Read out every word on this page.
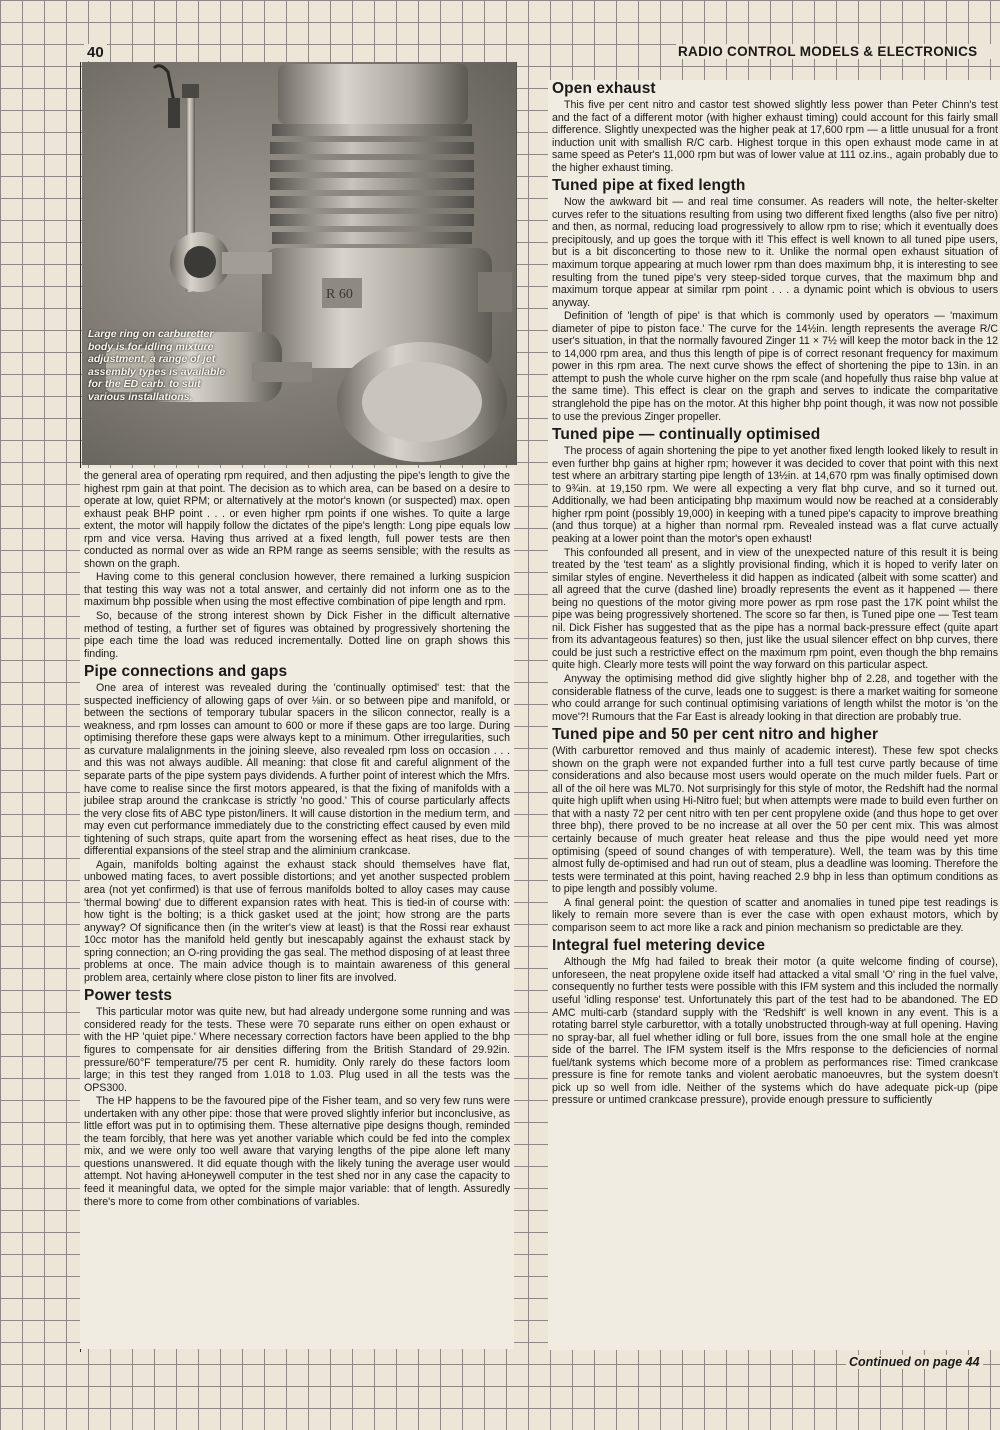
40	RADIO CONTROL MODELS & ELECTRONICS
R 60
Large ring on carburetter body is for idling mixture adjustment, a range of jet assembly types is available for the ED carb. to suit various installations.

the general area of operating rpm required, and then adjusting the pipe's length to give the highest rpm gain at that point. The decision as to which area, can be based on a desire to operate at low, quiet RPM; or alternatively at the motor's known (or suspected) max. open exhaust peak BHP point . . . or even higher rpm points if one wishes. To quite a large extent, the motor will happily follow the dictates of the pipe's length: Long pipe equals low rpm and vice versa. Having thus arrived at a fixed length, full power tests are then conducted as normal over as wide an RPM range as seems sensible; with the results as shown on the graph.

Having come to this general conclusion however, there remained a lurking suspicion that testing this way was not a total answer, and certainly did not inform one as to the maximum bhp possible when using the most effective combination of pipe length and rpm.

So, because of the strong interest shown by Dick Fisher in the difficult alternative method of testing, a further set of figures was obtained by progressively shortening the pipe each time the load was reduced incrementally. Dotted line on graph shows this finding.

Pipe connections and gaps

One area of interest was revealed during the 'continually optimised' test: that the suspected inefficiency of allowing gaps of over ⅛in. or so between pipe and manifold, or between the sections of temporary tubular spacers in the silicon connector, really is a weakness, and rpm losses can amount to 600 or more if these gaps are too large. During optimising therefore these gaps were always kept to a minimum. Other irregularities, such as curvature malalignments in the joining sleeve, also revealed rpm loss on occasion . . . and this was not always audible. All meaning: that close fit and careful alignment of the separate parts of the pipe system pays dividends. A further point of interest which the Mfrs. have come to realise since the first motors appeared, is that the fixing of manifolds with a jubilee strap around the crankcase is strictly 'no good.' This of course particularly affects the very close fits of ABC type piston/liners. It will cause distortion in the medium term, and may even cut performance immediately due to the constricting effect caused by even mild tightening of such straps, quite apart from the worsening effect as heat rises, due to the differential expansions of the steel strap and the aliminium crankcase.

Again, manifolds bolting against the exhaust stack should themselves have flat, unbowed mating faces, to avert possible distortions; and yet another suspected problem area (not yet confirmed) is that use of ferrous manifolds bolted to alloy cases may cause 'thermal bowing' due to different expansion rates with heat. This is tied-in of course with: how tight is the bolting; is a thick gasket used at the joint; how strong are the parts anyway? Of significance then (in the writer's view at least) is that the Rossi rear exhaust 10cc motor has the manifold held gently but inescapably against the exhaust stack by spring connection; an O-ring providing the gas seal. The method disposing of at least three problems at once. The main advice though is to maintain awareness of this general problem area, certainly where close piston to liner fits are involved.

Power tests

This particular motor was quite new, but had already undergone some running and was considered ready for the tests. These were 70 separate runs either on open exhaust or with the HP 'quiet pipe.' Where necessary correction factors have been applied to the bhp figures to compensate for air densities differing from the British Standard of 29.92in. pressure/60°F temperature/75 per cent R. humidity. Only rarely do these factors loom large; in this test they ranged from 1.018 to 1.03. Plug used in all the tests was the OPS300.

The HP happens to be the favoured pipe of the Fisher team, and so very few runs were undertaken with any other pipe: those that were proved slightly inferior but inconclusive, as little effort was put in to optimising them. These alternative pipe designs though, reminded the team forcibly, that here was yet another variable which could be fed into the complex mix, and we were only too well aware that varying lengths of the pipe alone left many questions unanswered. It did equate though with the likely tuning the average user would attempt. Not having aHoneywell computer in the test shed nor in any case the capacity to feed it meaningful data, we opted for the simple major variable: that of length. Assuredly there's more to come from other combinations of variables.

Open exhaust

This five per cent nitro and castor test showed slightly less power than Peter Chinn's test and the fact of a different motor (with higher exhaust timing) could account for this fairly small difference. Slightly unexpected was the higher peak at 17,600 rpm — a little unusual for a front induction unit with smallish R/C carb. Highest torque in this open exhaust mode came in at same speed as Peter's 11,000 rpm but was of lower value at 111 oz.ins., again probably due to the higher exhaust timing.

Tuned pipe at fixed length

Now the awkward bit — and real time consumer. As readers will note, the helter-skelter curves refer to the situations resulting from using two different fixed lengths (also five per nitro) and then, as normal, reducing load progressively to allow rpm to rise; which it eventually does precipitously, and up goes the torque with it! This effect is well known to all tuned pipe users, but is a bit disconcerting to those new to it. Unlike the normal open exhaust situation of maximum torque appearing at much lower rpm than does maximum bhp, it is interesting to see resulting from the tuned pipe's very steep-sided torque curves, that the maximum bhp and maximum torque appear at similar rpm point . . . a dynamic point which is obvious to users anyway.

Definition of 'length of pipe' is that which is commonly used by operators — 'maximum diameter of pipe to piston face.' The curve for the 14½in. length represents the average R/C user's situation, in that the normally favoured Zinger 11 × 7½ will keep the motor back in the 12 to 14,000 rpm area, and thus this length of pipe is of correct resonant frequency for maximum power in this rpm area. The next curve shows the effect of shortening the pipe to 13in. in an attempt to push the whole curve higher on the rpm scale (and hopefully thus raise bhp value at the same time). This effect is clear on the graph and serves to indicate the comparitative stranglehold the pipe has on the motor. At this higher bhp point though, it was now not possible to use the previous Zinger propeller.

Tuned pipe — continually optimised

The process of again shortening the pipe to yet another fixed length looked likely to result in even further bhp gains at higher rpm; however it was decided to cover that point with this next test where an arbitrary starting pipe length of 13½in. at 14,670 rpm was finally optimised down to 9¾in. at 19,150 rpm. We were all expecting a very flat bhp curve, and so it turned out. Additionally, we had been anticipating bhp maximum would now be reached at a considerably higher rpm point (possibly 19,000) in keeping with a tuned pipe's capacity to improve breathing (and thus torque) at a higher than normal rpm. Revealed instead was a flat curve actually peaking at a lower point than the motor's open exhaust!

This confounded all present, and in view of the unexpected nature of this result it is being treated by the 'test team' as a slightly provisional finding, which it is hoped to verify later on similar styles of engine. Nevertheless it did happen as indicated (albeit with some scatter) and all agreed that the curve (dashed line) broadly represents the event as it happened — there being no questions of the motor giving more power as rpm rose past the 17K point whilst the pipe was being progressively shortened. The score so far then, is Tuned pipe one — Test team nil. Dick Fisher has suggested that as the pipe has a normal back-pressure effect (quite apart from its advantageous features) so then, just like the usual silencer effect on bhp curves, there could be just such a restrictive effect on the maximum rpm point, even though the bhp remains quite high. Clearly more tests will point the way forward on this particular aspect.

Anyway the optimising method did give slightly higher bhp of 2.28, and together with the considerable flatness of the curve, leads one to suggest: is there a market waiting for someone who could arrange for such continual optimising variations of length whilst the motor is 'on the move'?! Rumours that the Far East is already looking in that direction are probably true.

Tuned pipe and 50 per cent nitro and higher

(With carburettor removed and thus mainly of academic interest). These few spot checks shown on the graph were not expanded further into a full test curve partly because of time considerations and also because most users would operate on the much milder fuels. Part or all of the oil here was ML70. Not surprisingly for this style of motor, the Redshift had the normal quite high uplift when using Hi-Nitro fuel; but when attempts were made to build even further on that with a nasty 72 per cent nitro with ten per cent propylene oxide (and thus hope to get over three bhp), there proved to be no increase at all over the 50 per cent mix. This was almost certainly because of much greater heat release and thus the pipe would need yet more optimising (speed of sound changes of with temperature). Well, the team was by this time almost fully de-optimised and had run out of steam, plus a deadline was looming. Therefore the tests were terminated at this point, having reached 2.9 bhp in less than optimum conditions as to pipe length and possibly volume.

A final general point: the question of scatter and anomalies in tuned pipe test readings is likely to remain more severe than is ever the case with open exhaust motors, which by comparison seem to act more like a rack and pinion mechanism so predictable are they.

Integral fuel metering device

Although the Mfg had failed to break their motor (a quite welcome finding of course), unforeseen, the neat propylene oxide itself had attacked a vital small 'O' ring in the fuel valve, consequently no further tests were possible with this IFM system and this included the normally useful 'idling response' test. Unfortunately this part of the test had to be abandoned. The ED AMC multi-carb (standard supply with the 'Redshift' is well known in any event. This is a rotating barrel style carburettor, with a totally unobstructed through-way at full opening. Having no spray-bar, all fuel whether idling or full bore, issues from the one small hole at the engine side of the barrel. The IFM system itself is the Mfrs response to the deficiencies of normal fuel/tank systems which become more of a problem as performances rise: Timed crankcase pressure is fine for remote tanks and violent aerobatic manoeuvres, but the system doesn't pick up so well from idle. Neither of the systems which do have adequate pick-up (pipe pressure or untimed crankcase pressure), provide enough pressure to sufficiently

Continued on page 44
